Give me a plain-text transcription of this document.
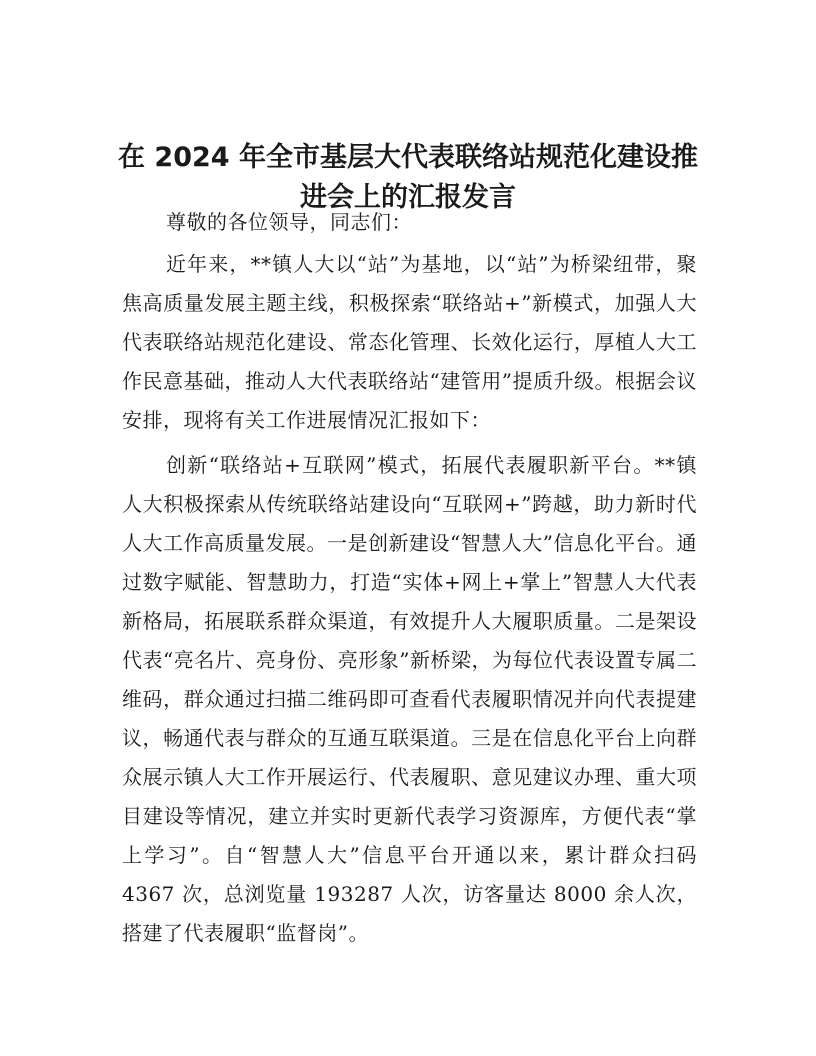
在 2024 年全市基层大代表联络站规范化建设推
进会上的汇报发言

尊敬的各位领导，同志们：

近年来，**镇人大以“站”为基地，以“站”为桥梁纽带，聚焦高质量发展主题主线，积极探索“联络站+”新模式，加强人大代表联络站规范化建设、常态化管理、长效化运行，厚植人大工作民意基础，推动人大代表联络站“建管用”提质升级。根据会议安排，现将有关工作进展情况汇报如下：

创新“联络站+互联网”模式，拓展代表履职新平台。**镇人大积极探索从传统联络站建设向“互联网+”跨越，助力新时代人大工作高质量发展。一是创新建设“智慧人大”信息化平台。通过数字赋能、智慧助力，打造“实体+网上+掌上”智慧人大代表新格局，拓展联系群众渠道，有效提升人大履职质量。二是架设代表“亮名片、亮身份、亮形象”新桥梁，为每位代表设置专属二维码，群众通过扫描二维码即可查看代表履职情况并向代表提建议，畅通代表与群众的互通互联渠道。三是在信息化平台上向群众展示镇人大工作开展运行、代表履职、意见建议办理、重大项目建设等情况，建立并实时更新代表学习资源库，方便代表“掌上学习”。自“智慧人大”信息平台开通以来，累计群众扫码 4367 次，总浏览量 193287 人次，访客量达 8000 余人次，搭建了代表履职“监督岗”。
